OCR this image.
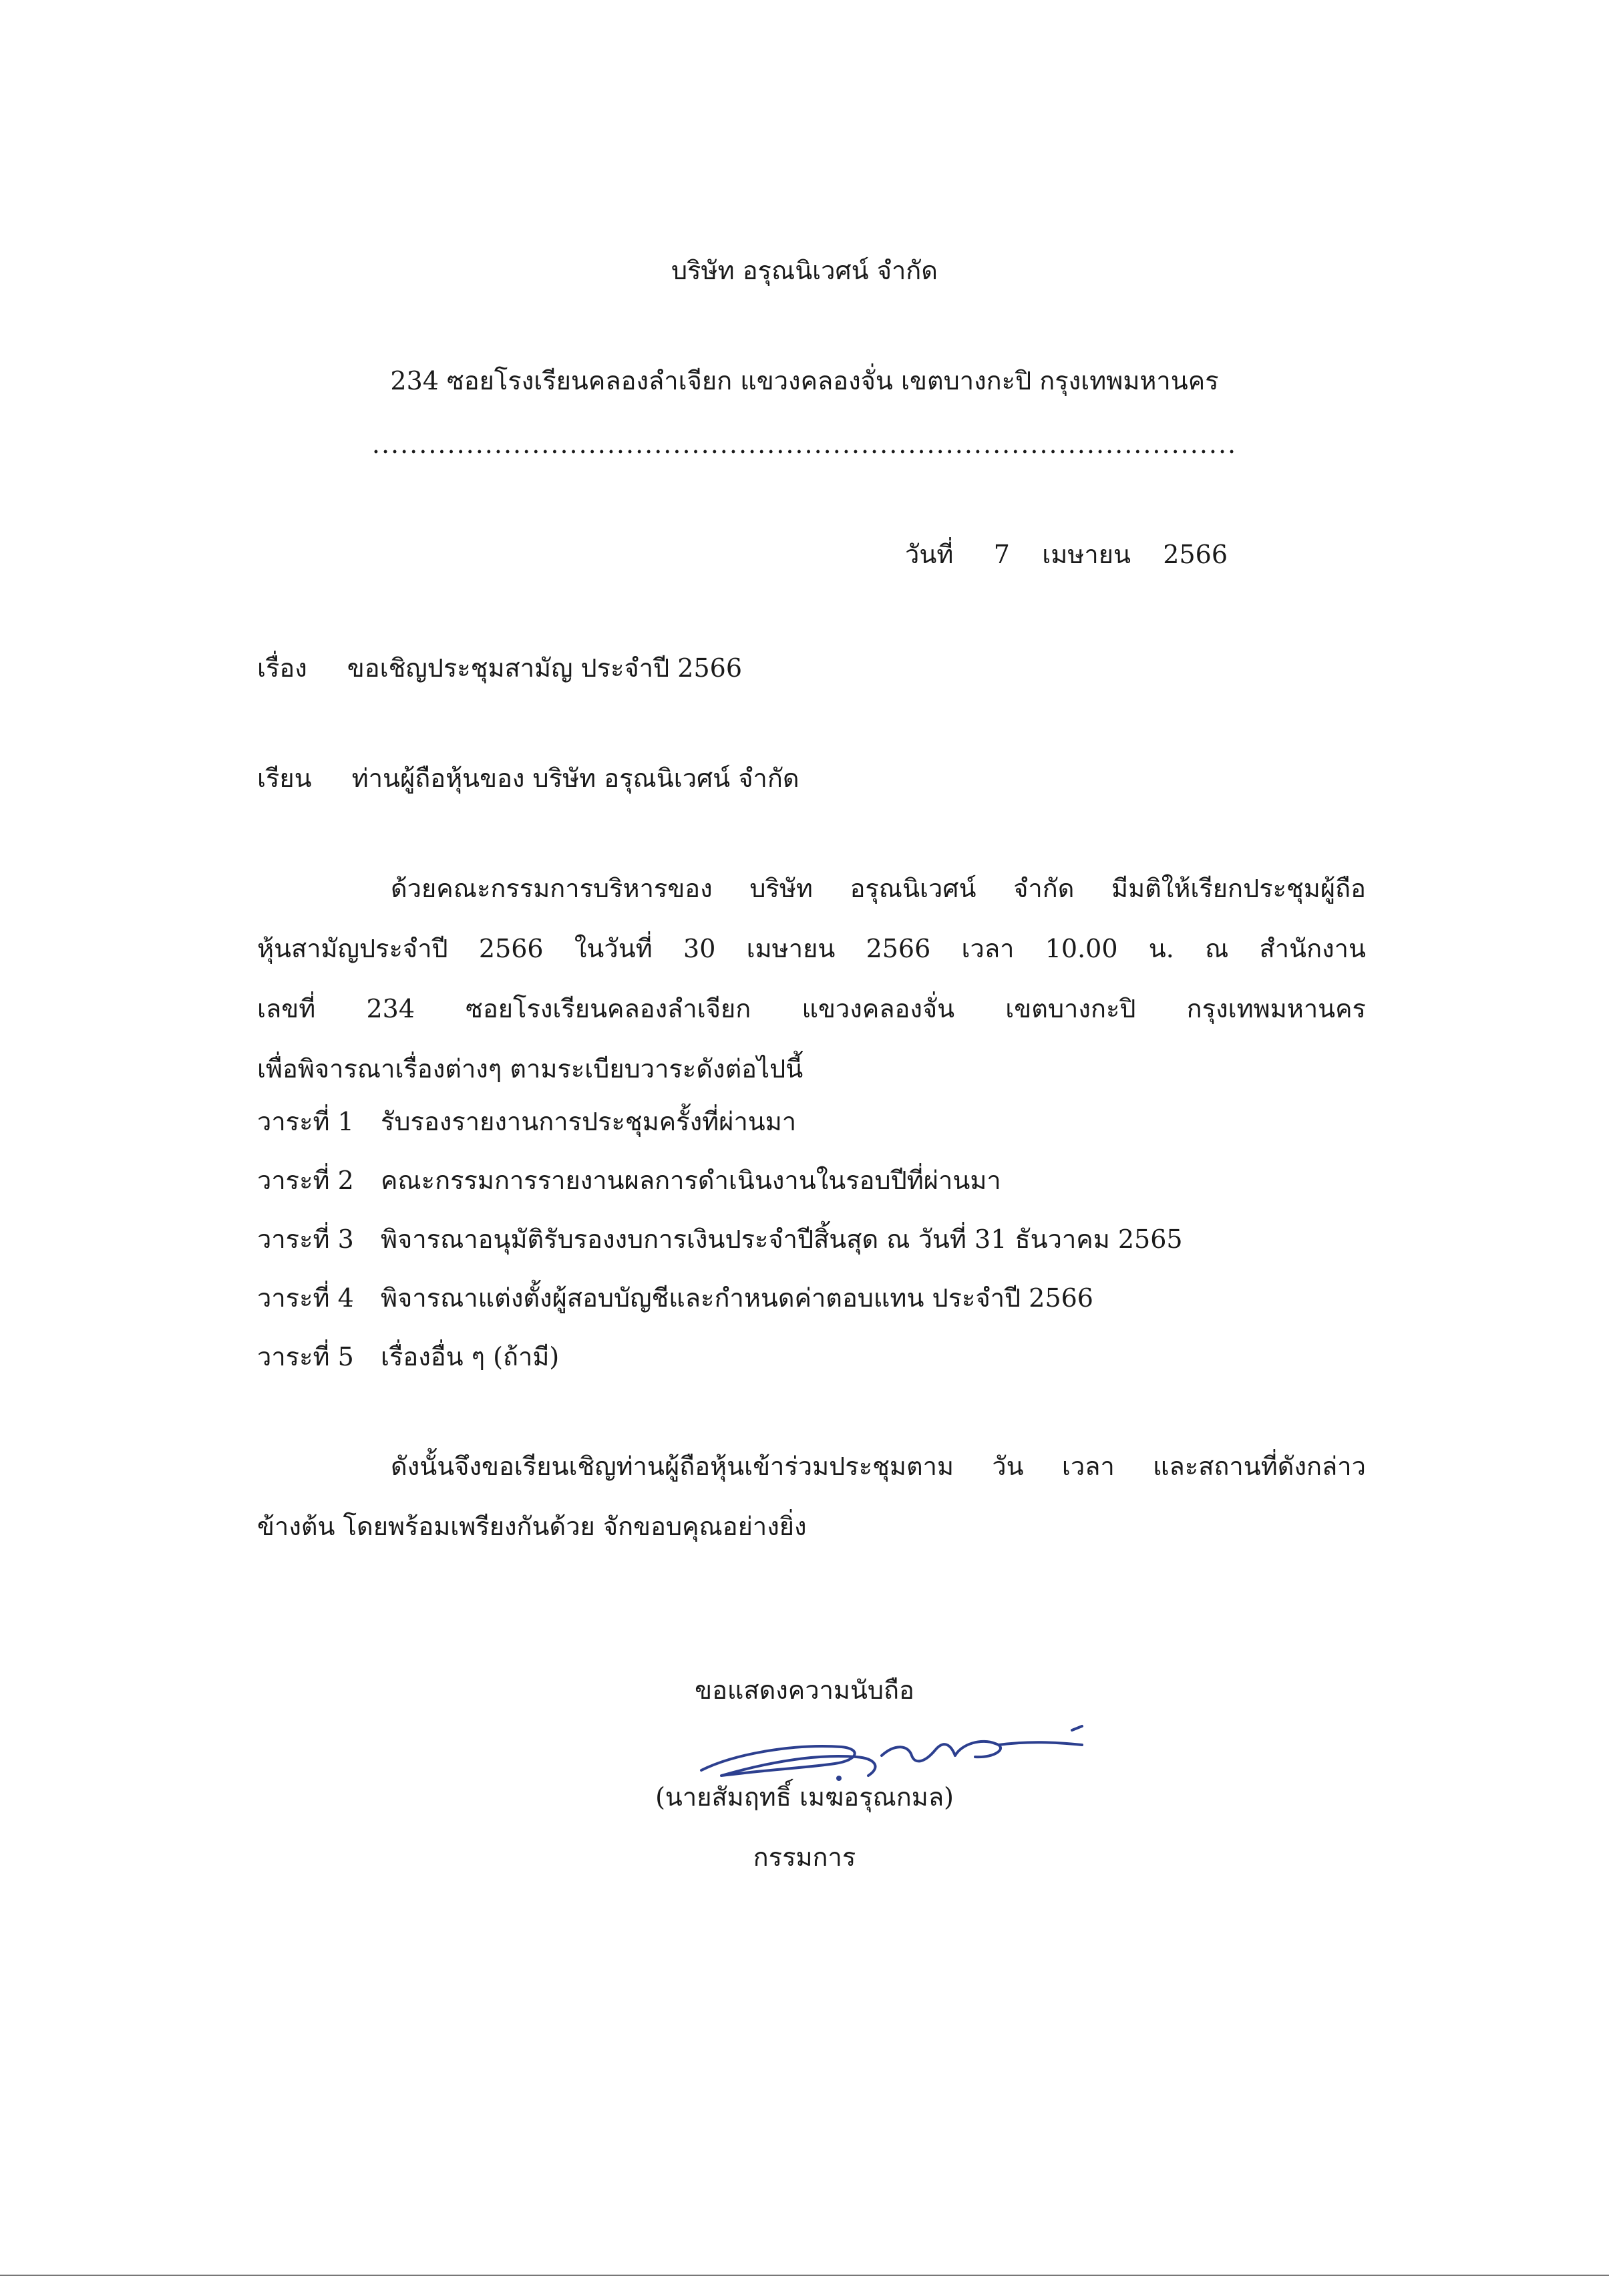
บริษัท อรุณนิเวศน์ จำกัด
234 ซอยโรงเรียนคลองลำเจียก แขวงคลองจั่น เขตบางกะปิ กรุงเทพมหานคร
............................................................................................
วันที่ 7 เมษายน 2566
เรื่อง ขอเชิญประชุมสามัญ ประจำปี 2566
เรียน ท่านผู้ถือหุ้นของ บริษัท อรุณนิเวศน์ จำกัด
ด้วยคณะกรรมการบริหารของ บริษัท อรุณนิเวศน์ จำกัด มีมติให้เรียกประชุมผู้ถือ
หุ้นสามัญประจำปี 2566 ในวันที่ 30 เมษายน 2566 เวลา 10.00 น. ณ สำนักงาน
เลขที่ 234 ซอยโรงเรียนคลองลำเจียก แขวงคลองจั่น เขตบางกะปิ กรุงเทพมหานคร
เพื่อพิจารณาเรื่องต่างๆ ตามระเบียบวาระดังต่อไปนี้
วาระที่ 1 รับรองรายงานการประชุมครั้งที่ผ่านมา
วาระที่ 2 คณะกรรมการรายงานผลการดำเนินงานในรอบปีที่ผ่านมา
วาระที่ 3 พิจารณาอนุมัติรับรองงบการเงินประจำปีสิ้นสุด ณ วันที่ 31 ธันวาคม 2565
วาระที่ 4 พิจารณาแต่งตั้งผู้สอบบัญชีและกำหนดค่าตอบแทน ประจำปี 2566
วาระที่ 5 เรื่องอื่น ๆ (ถ้ามี)
ดังนั้นจึงขอเรียนเชิญท่านผู้ถือหุ้นเข้าร่วมประชุมตาม วัน เวลา และสถานที่ดังกล่าว
ข้างต้น โดยพร้อมเพรียงกันด้วย จักขอบคุณอย่างยิ่ง
ขอแสดงความนับถือ
(นายสัมฤทธิ์ เมฆอรุณกมล)
กรรมการ
